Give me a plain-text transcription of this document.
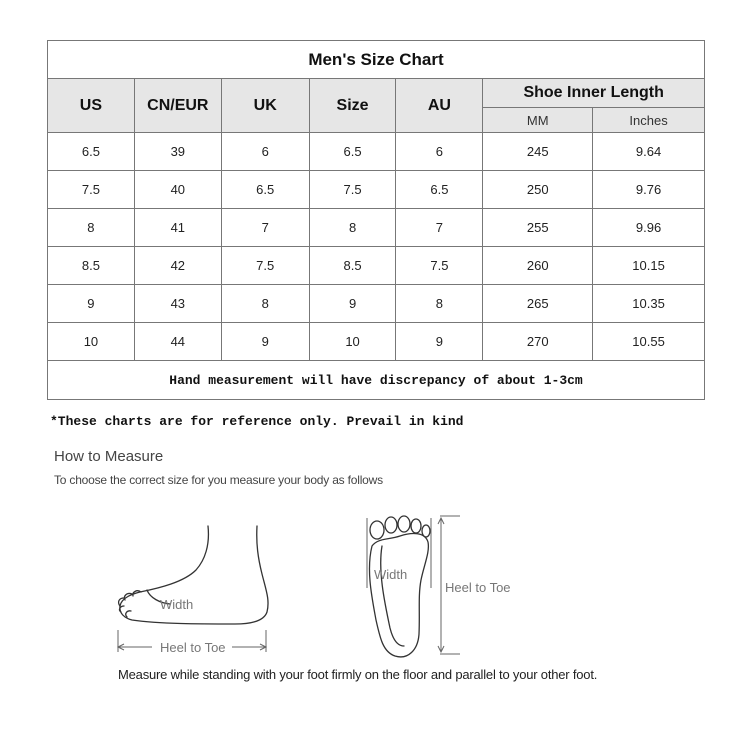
Men's Size Chart						
US	CN/EUR	UK	Size	AU	Shoe Inner Length	
					MM	Inches
6.5	39	6	6.5	6	245	9.64
7.5	40	6.5	7.5	6.5	250	9.76
8	41	7	8	7	255	9.96
8.5	42	7.5	8.5	7.5	260	10.15
9	43	8	9	8	265	10.35
10	44	9	10	9	270	10.55
Hand measurement will have discrepancy of about 1-3cm						
*These charts are for reference only. Prevail in kind
How to Measure
To choose the correct size for you measure your body as follows
Width
Heel to Toe
Width
Heel to Toe
Measure while standing with your foot firmly on the floor and parallel to your other foot.
